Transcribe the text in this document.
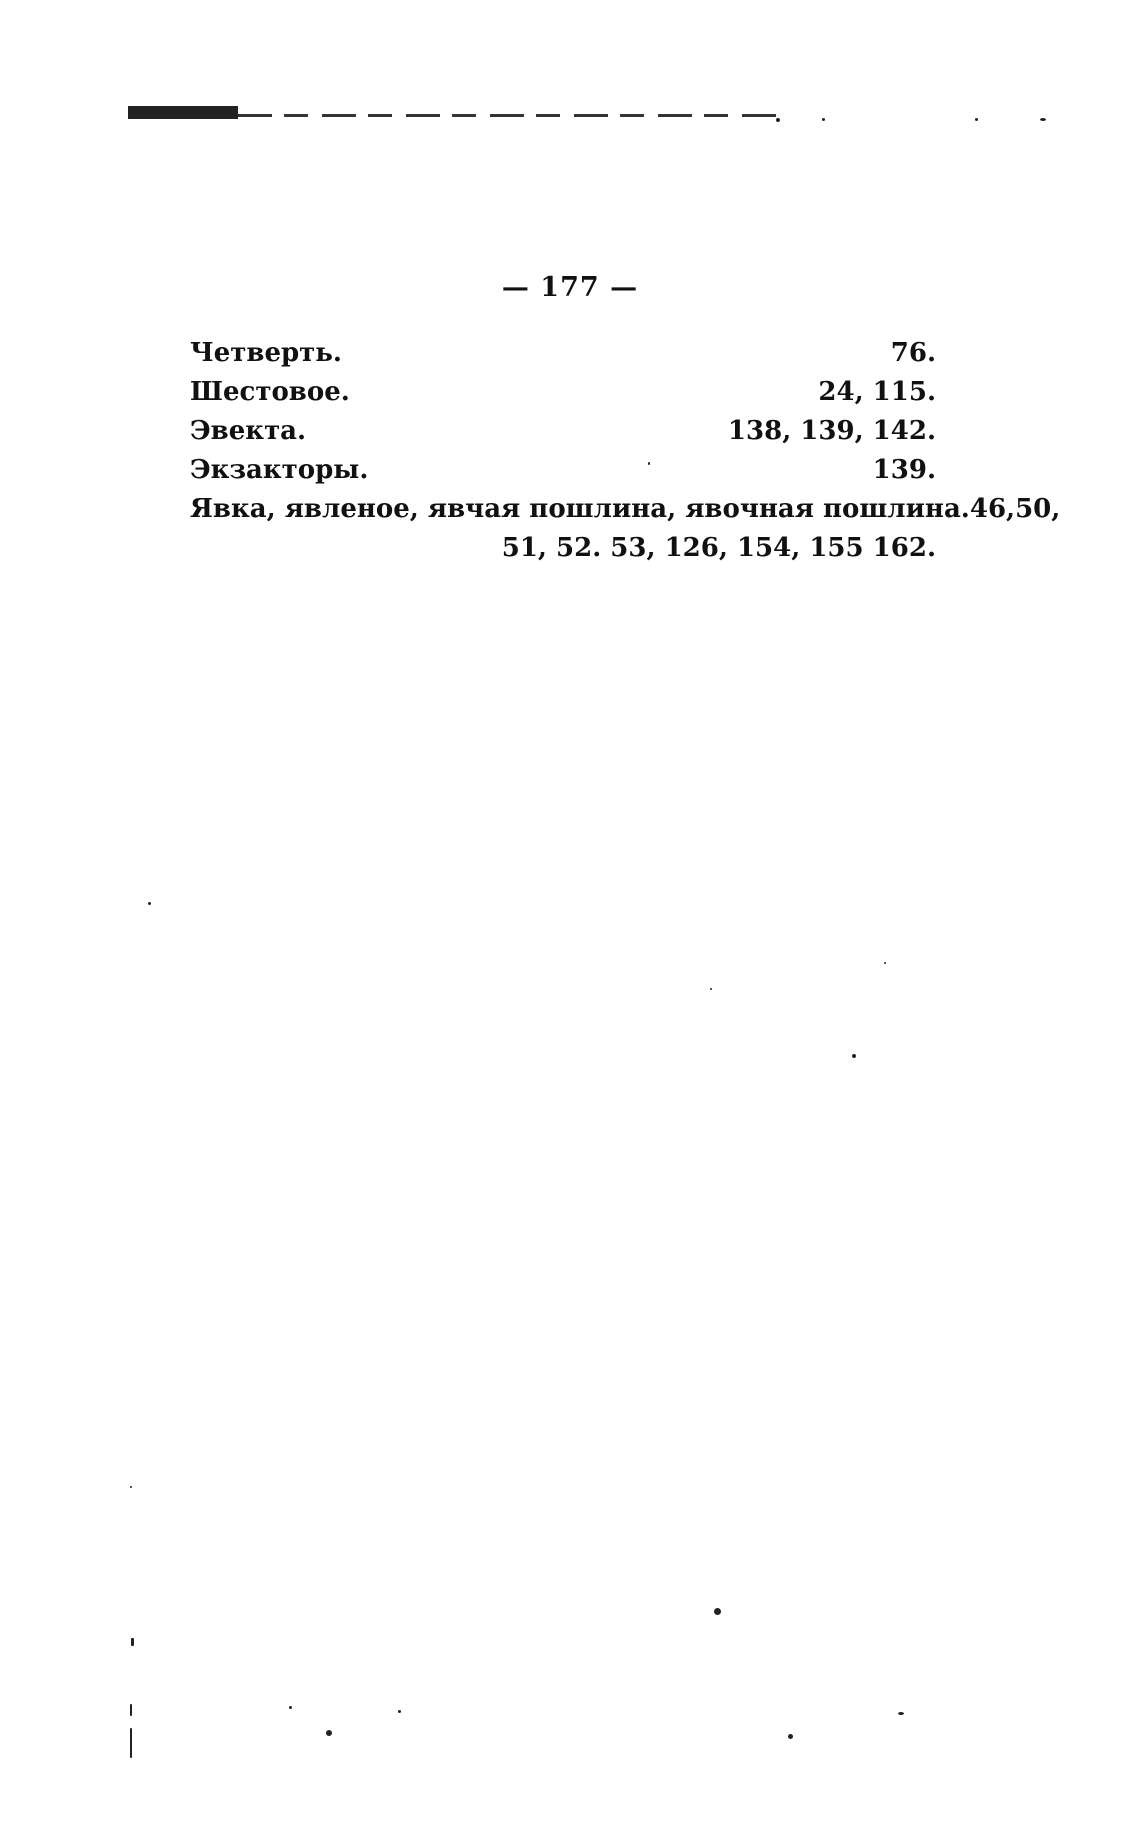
— 177 —
Четверть.	76.
Шестовое.	24, 115.
Эвекта.	138, 139, 142.
Экзакторы.	139.
Явка, явленое, явчая пошлина, явочная пошлина. 46,50,
51, 52. 53, 126, 154, 155 162.
